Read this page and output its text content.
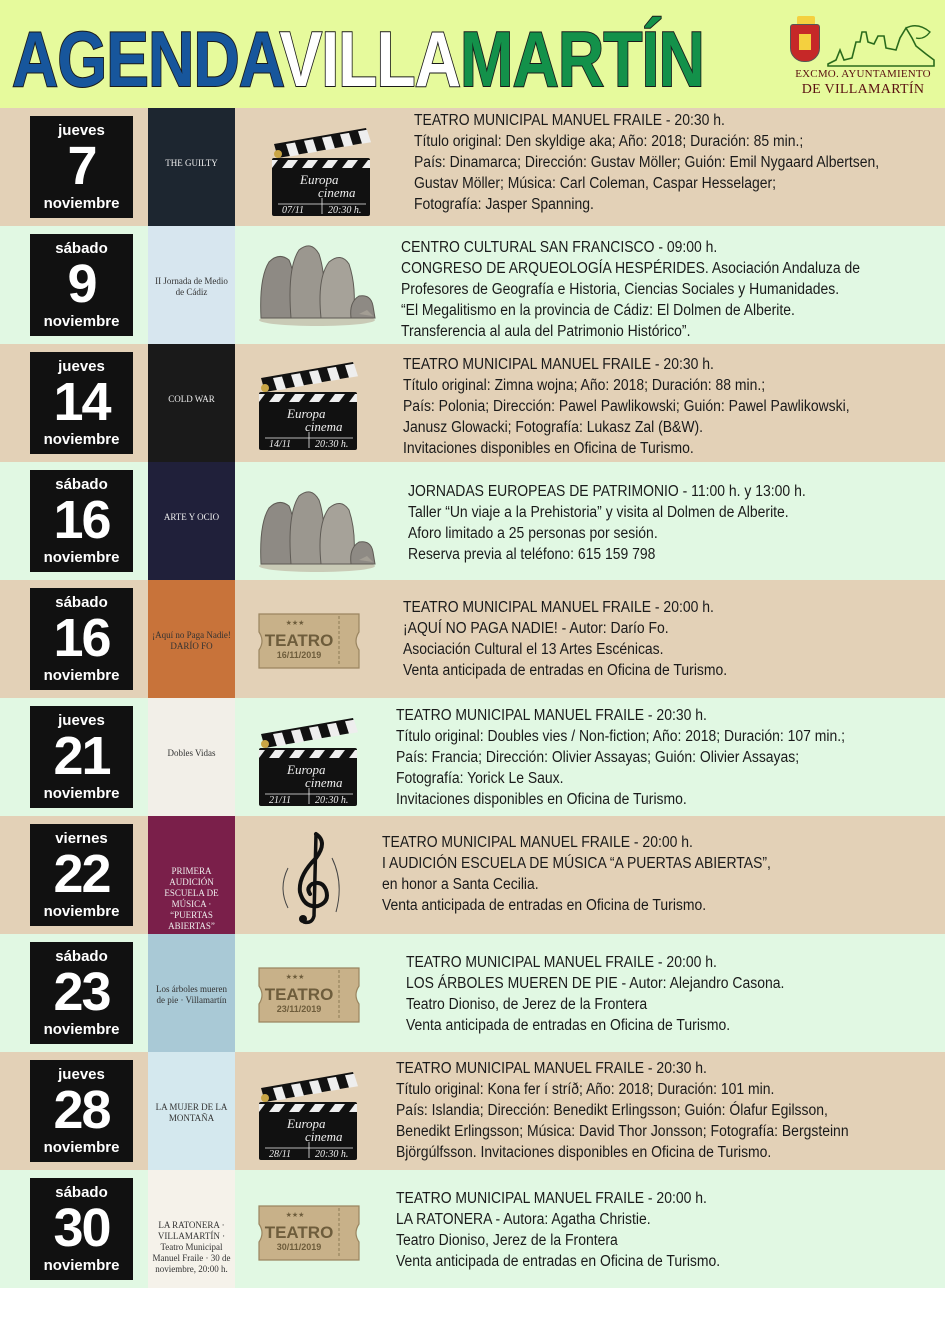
AGENDAVILLAMARTÍN	EXCMO. AYUNTAMIENTO
DE VILLAMARTÍN
jueves
7
noviembre
THE GUILTY
Europa
cinema
07/11 20:30 h.
TEATRO MUNICIPAL MANUEL FRAILE - 20:30 h.
Título original: Den skyldige aka; Año: 2018; Duración: 85 min.;
País: Dinamarca; Dirección: Gustav Möller; Guión: Emil Nygaard Albertsen,
Gustav Möller; Música: Carl Coleman, Caspar Hesselager;
Fotografía: Jasper Spanning.
sábado
9
noviembre
II Jornada de Medio de Cádiz
CENTRO CULTURAL SAN FRANCISCO - 09:00 h.
CONGRESO DE ARQUEOLOGÍA HESPÉRIDES. Asociación Andaluza de
Profesores de Geografía e Historia, Ciencias Sociales y Humanidades.
“El Megalitismo en la provincia de Cádiz: El Dolmen de Alberite.
Transferencia al aula del Patrimonio Histórico”.
jueves
14
noviembre
COLD WAR
Europa
cinema
14/11 20:30 h.
TEATRO MUNICIPAL MANUEL FRAILE - 20:30 h.
Título original: Zimna wojna; Año: 2018; Duración: 88 min.;
País: Polonia; Dirección: Pawel Pawlikowski; Guión: Pawel Pawlikowski,
Janusz Glowacki; Fotografía: Lukasz Zal (B&W).
Invitaciones disponibles en Oficina de Turismo.
sábado
16
noviembre
ARTE Y OCIO
JORNADAS EUROPEAS DE PATRIMONIO - 11:00 h. y 13:00 h.
Taller “Un viaje a la Prehistoria” y visita al Dolmen de Alberite.
Aforo limitado a 25 personas por sesión.
Reserva previa al teléfono: 615 159 798
sábado
16
noviembre
¡Aquí no Paga Nadie! DARÍO FO
★★★
TEATRO
16/11/2019
TEATRO MUNICIPAL MANUEL FRAILE - 20:00 h.
¡AQUÍ NO PAGA NADIE! - Autor: Darío Fo.
Asociación Cultural el 13 Artes Escénicas.
Venta anticipada de entradas en Oficina de Turismo.
jueves
21
noviembre
Dobles Vidas
Europa
cinema
21/11 20:30 h.
TEATRO MUNICIPAL MANUEL FRAILE - 20:30 h.
Título original: Doubles vies / Non-fiction; Año: 2018; Duración: 107 min.;
País: Francia; Dirección: Olivier Assayas; Guión: Olivier Assayas;
Fotografía: Yorick Le Saux.
Invitaciones disponibles en Oficina de Turismo.
viernes
22
noviembre
PRIMERA AUDICIÓN ESCUELA DE MÚSICA · “PUERTAS ABIERTAS”
TEATRO MUNICIPAL MANUEL FRAILE - 20:00 h.
I AUDICIÓN ESCUELA DE MÚSICA “A PUERTAS ABIERTAS”,
en honor a Santa Cecilia.
Venta anticipada de entradas en Oficina de Turismo.
sábado
23
noviembre
Los árboles mueren de pie · Villamartín
★★★
TEATRO
23/11/2019
TEATRO MUNICIPAL MANUEL FRAILE - 20:00 h.
LOS ÁRBOLES MUEREN DE PIE - Autor: Alejandro Casona.
Teatro Dioniso, de Jerez de la Frontera
Venta anticipada de entradas en Oficina de Turismo.
jueves
28
noviembre
LA MUJER DE LA MONTAÑA	Europa
cinema
28/11 20:30 h.
TEATRO MUNICIPAL MANUEL FRAILE - 20:30 h.
Título original: Kona fer í stríð; Año: 2018; Duración: 101 min.
País: Islandia; Dirección: Benedikt Erlingsson; Guión: Ólafur Egilsson,
Benedikt Erlingsson; Música: David Thor Jonsson; Fotografía: Bergsteinn
Björgúlfsson. Invitaciones disponibles en Oficina de Turismo.
sábado
30
noviembre
LA RATONERA · VILLAMARTÍN · Teatro Municipal Manuel Fraile · 30 de noviembre, 20:00 h.
★★★
TEATRO
30/11/2019
TEATRO MUNICIPAL MANUEL FRAILE - 20:00 h.
LA RATONERA - Autora: Agatha Christie.
Teatro Dioniso, Jerez de la Frontera
Venta anticipada de entradas en Oficina de Turismo.
